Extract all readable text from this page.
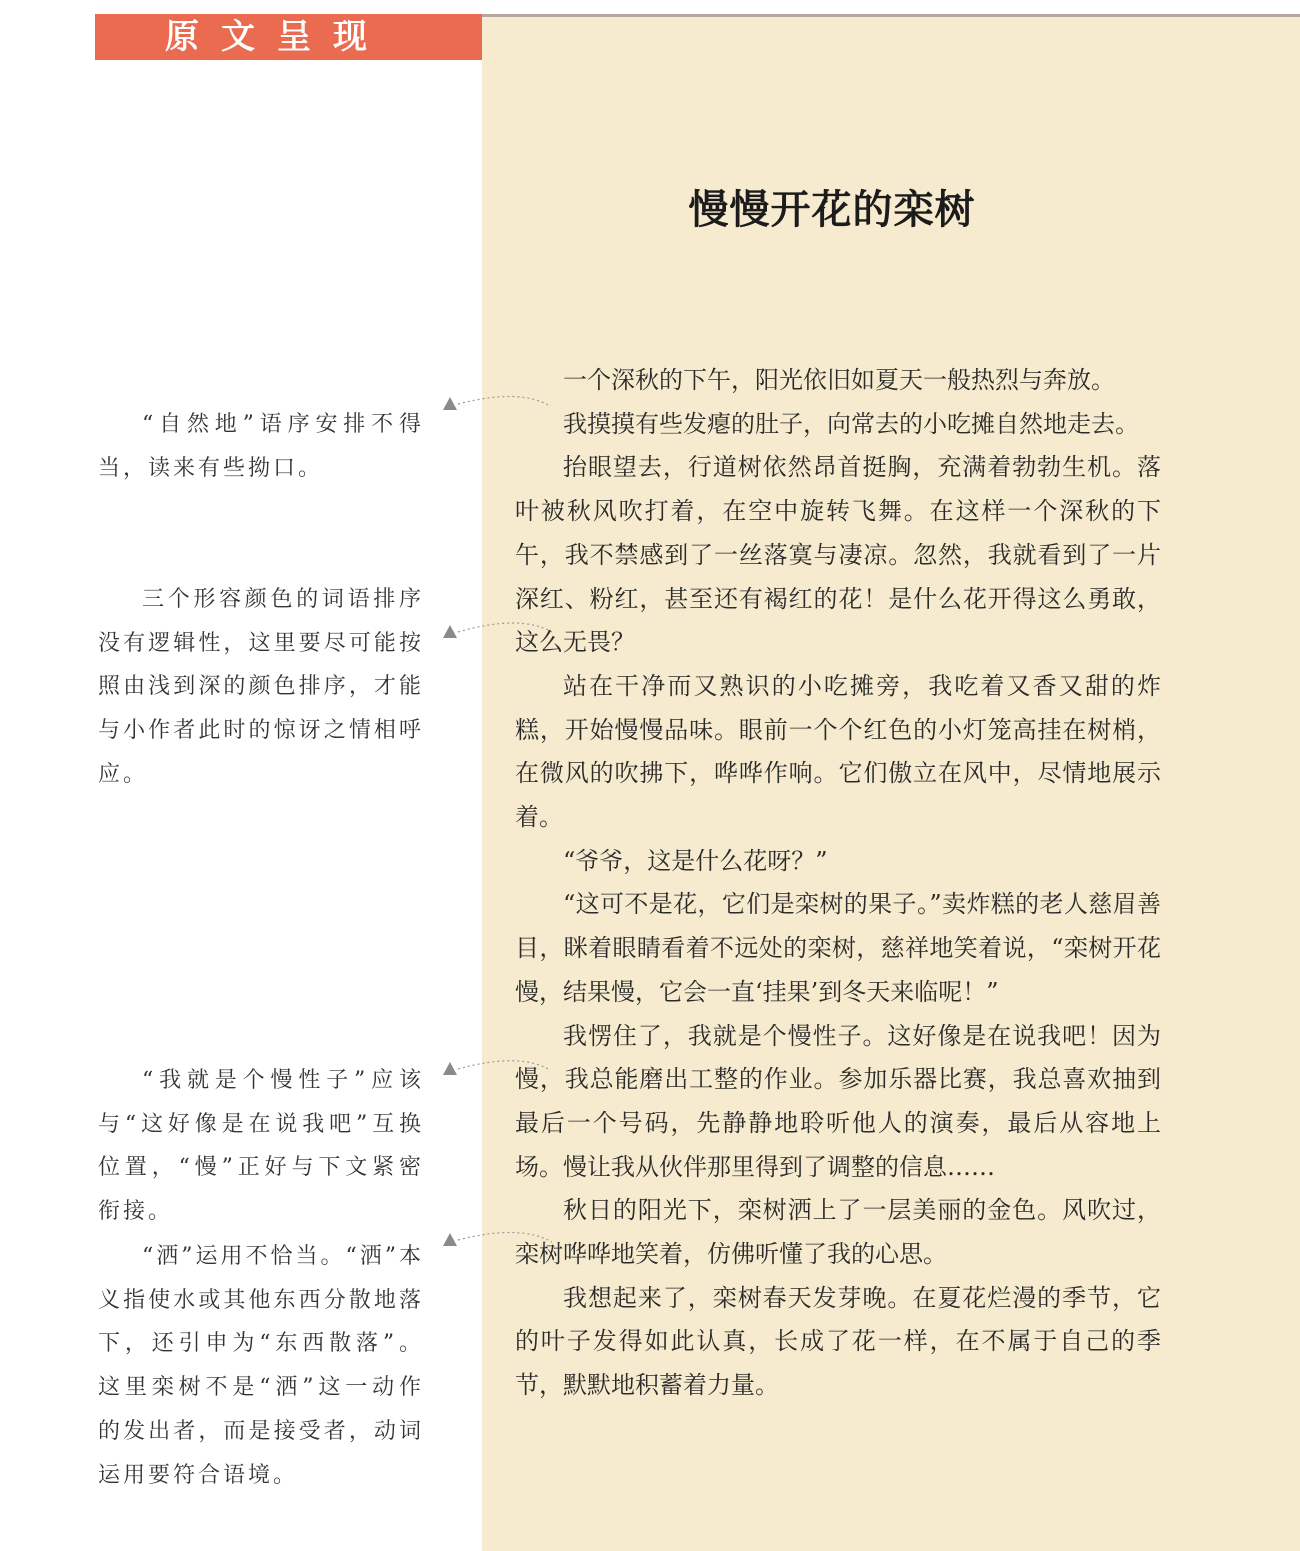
原文呈现
慢慢开花的栾树

一个深秋的下午，阳光依旧如夏天一般热烈与奔放。

我摸摸有些发瘪的肚子，向常去的小吃摊自然地走去。

抬眼望去，行道树依然昂首挺胸，充满着勃勃生机。落叶被秋风吹打着，在空中旋转飞舞。在这样一个深秋的下午，我不禁感到了一丝落寞与凄凉。忽然，我就看到了一片深红、粉红，甚至还有褐红的花！是什么花开得这么勇敢，这么无畏？

站在干净而又熟识的小吃摊旁，我吃着又香又甜的炸糕，开始慢慢品味。眼前一个个红色的小灯笼高挂在树梢，在微风的吹拂下，哗哗作响。它们傲立在风中，尽情地展示着。

“爷爷，这是什么花呀？”

“这可不是花，它们是栾树的果子。”卖炸糕的老人慈眉善目，眯着眼睛看着不远处的栾树，慈祥地笑着说，“栾树开花慢，结果慢，它会一直‘挂果’到冬天来临呢！”

我愣住了，我就是个慢性子。这好像是在说我吧！因为慢，我总能磨出工整的作业。参加乐器比赛，我总喜欢抽到最后一个号码，先静静地聆听他人的演奏，最后从容地上场。慢让我从伙伴那里得到了调整的信息……

秋日的阳光下，栾树洒上了一层美丽的金色。风吹过，栾树哗哗地笑着，仿佛听懂了我的心思。

我想起来了，栾树春天发芽晚。在夏花烂漫的季节，它的叶子发得如此认真，长成了花一样，在不属于自己的季节，默默地积蓄着力量。

“自然地”语序安排不得当，读来有些拗口。

三个形容颜色的词语排序没有逻辑性，这里要尽可能按照由浅到深的颜色排序，才能与小作者此时的惊讶之情相呼应。

“我就是个慢性子”应该与“这好像是在说我吧”互换位置，“慢”正好与下文紧密衔接。

“洒”运用不恰当。“洒”本义指使水或其他东西分散地落下，还引申为“东西散落”。这里栾树不是“洒”这一动作的发出者，而是接受者，动词运用要符合语境。
